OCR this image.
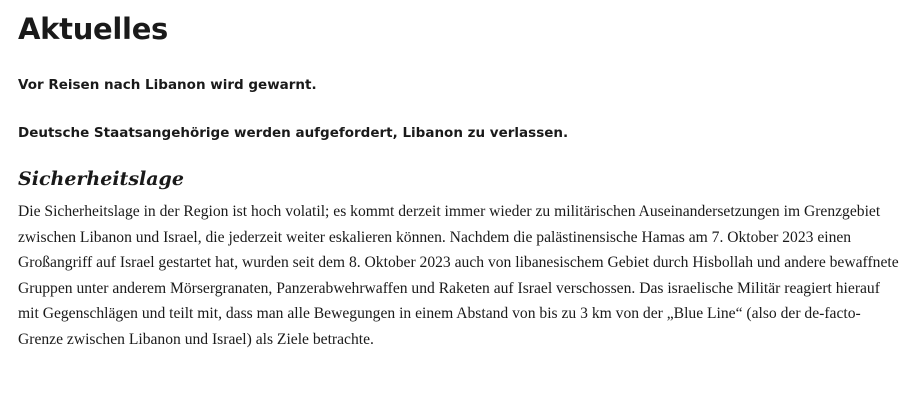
Aktuelles

Vor Reisen nach Libanon wird gewarnt.

Deutsche Staatsangehörige werden aufgefordert, Libanon zu verlassen.

Sicherheitslage

Die Sicherheitslage in der Region ist hoch volatil; es kommt derzeit immer wieder zu militärischen Auseinandersetzungen im Grenzgebiet zwischen Libanon und Israel, die jederzeit weiter eskalieren können. Nachdem die palästinensische Hamas am 7. Oktober 2023 einen Großangriff auf Israel gestartet hat, wurden seit dem 8. Oktober 2023 auch von libanesischem Gebiet durch Hisbollah und andere bewaffnete Gruppen unter anderem Mörsergranaten, Panzerabwehrwaffen und Raketen auf Israel verschossen. Das israelische Militär reagiert hierauf mit Gegenschlägen und teilt mit, dass man alle Bewegungen in einem Abstand von bis zu 3 km von der „Blue Line“ (also der de-facto-Grenze zwischen Libanon und Israel) als Ziele betrachte.
